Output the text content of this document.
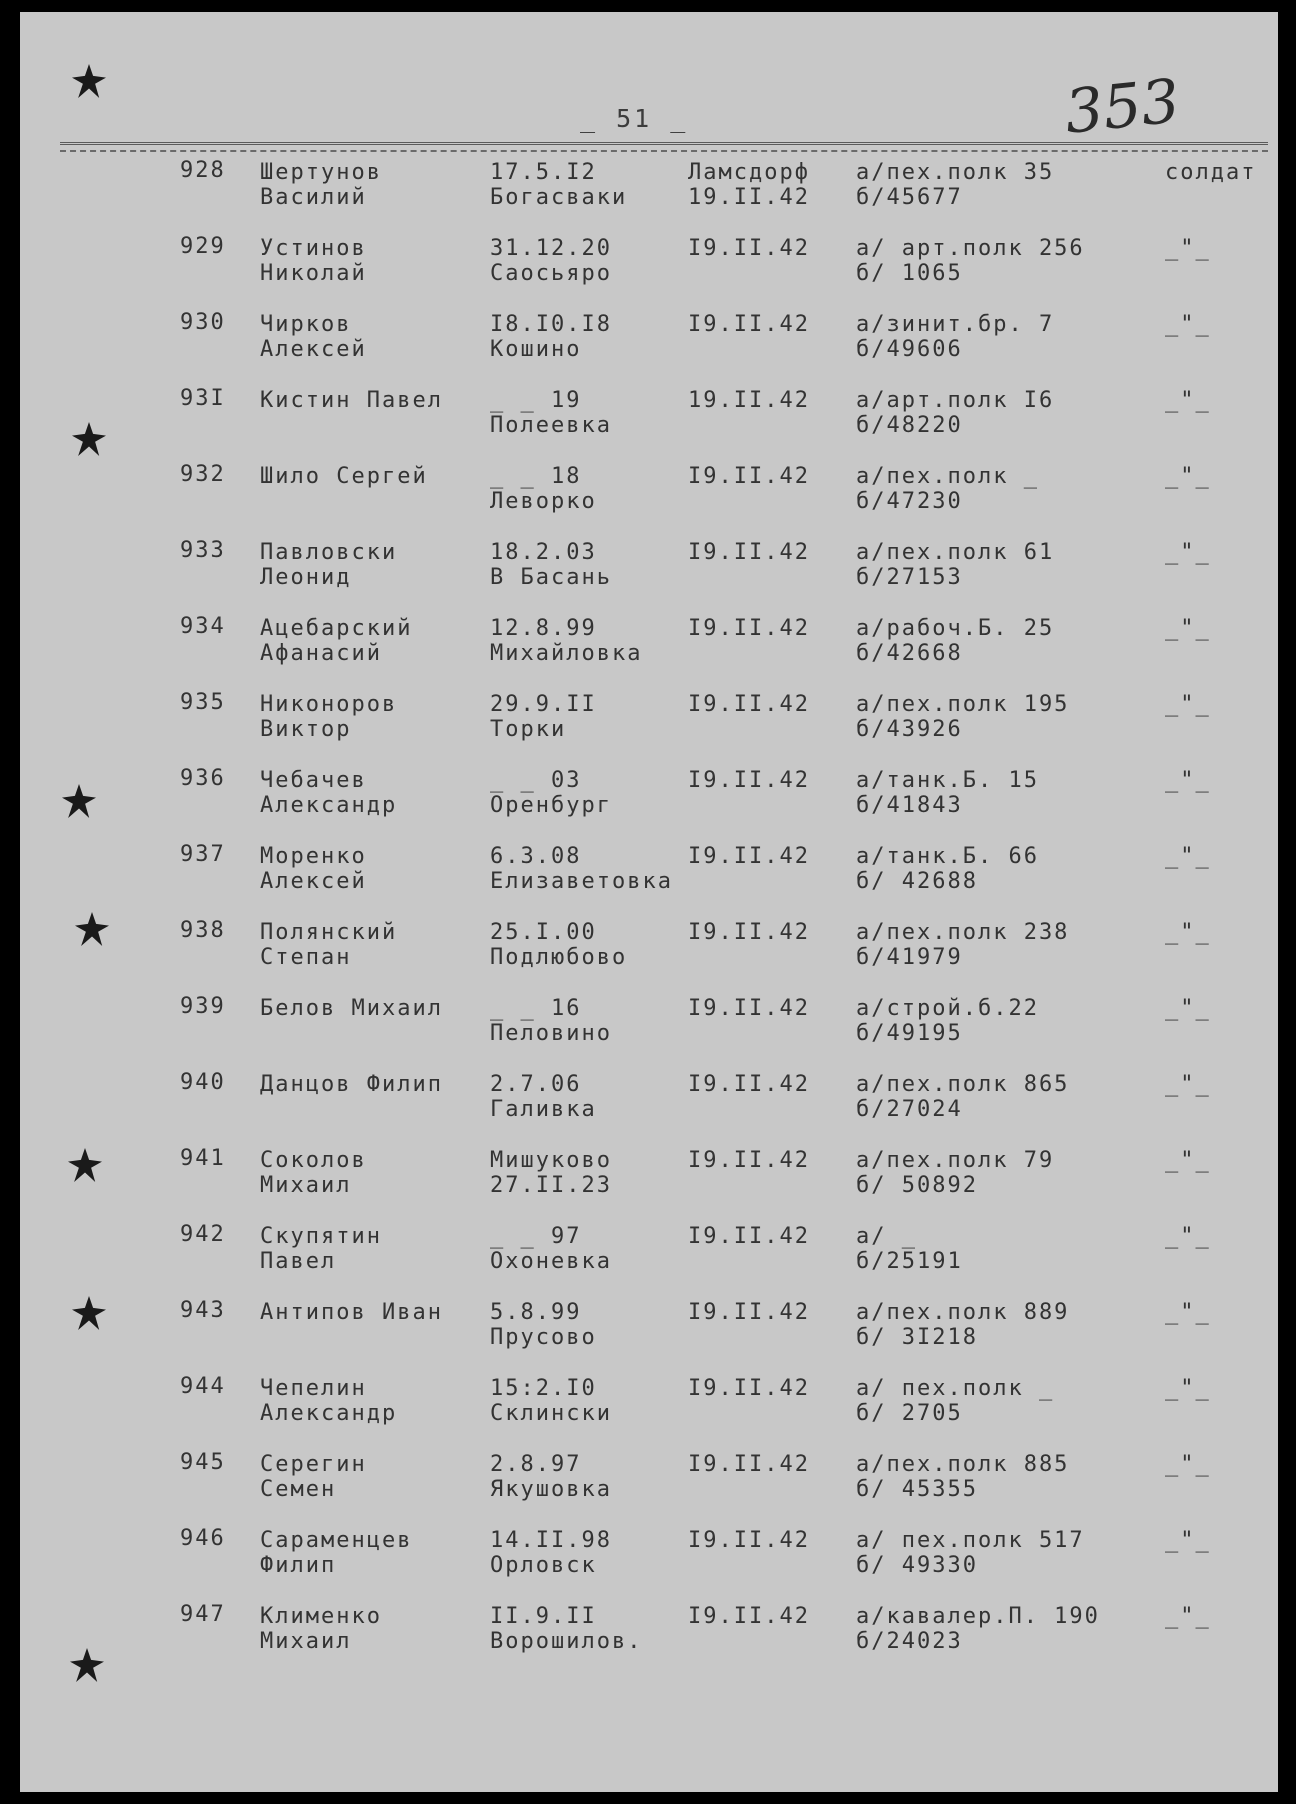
_ 51 _	353
928 Шертунов
Василий
17.5.I2
Богасваки
Ламсдорф
19.II.42
а/пех.полк 35
б/45677
солдат
929 Устинов
Николай
31.12.20
Саосьяро
I9.II.42 а/ арт.полк 256
б/ 1065
_"_
930 Чирков
Алексей
I8.I0.I8
Кошино
I9.II.42 а/зинит.бр. 7
б/49606
_"_
93I Кистин Павел _ _ 19
Полеевка
19.II.42 а/арт.полк I6
б/48220
_"_
932 Шило Сергей	_ _ 18
Леворко
I9.II.42 а/пех.полк _
б/47230
_"_
933 Павловски
Леонид
18.2.03
В Басань
I9.II.42 а/пех.полк 61
б/27153
_"_
934 Ацебарский
Афанасий
12.8.99
Михайловка
I9.II.42 а/рабоч.Б. 25
б/42668
_"_
935 Никоноров
Виктор
29.9.II
Торки
I9.II.42 а/пех.полк 195
б/43926
_"_
936 Чебачев
Александр
_ _ 03
Оренбург
I9.II.42 а/танк.Б. 15
б/41843
_"_
937 Моренко
Алексей
6.3.08
Елизаветовка
I9.II.42 а/танк.Б. 66
б/ 42688
_"_
938 Полянский
Степан
25.I.00
Подлюбово
I9.II.42 а/пех.полк 238
б/41979
_"_
939 Белов Михаил _ _ 16
Пеловино
I9.II.42 а/строй.б.22
б/49195
_"_
940 Данцов Филип 2.7.06
Галивка
I9.II.42 а/пех.полк 865
б/27024
_"_
941 Соколов
Михаил
Мишуково
27.II.23
I9.II.42 а/пех.полк 79
б/ 50892
_"_
942 Скупятин
Павел
_ _ 97
Охоневка
I9.II.42 а/ _
б/25191
_"_
943 Антипов Иван 5.8.99
Прусово
I9.II.42 а/пех.полк 889
б/ 3I218
_"_
944 Чепелин
Александр
15:2.I0
Склински
I9.II.42 а/ пех.полк _
б/ 2705
_"_
945 Серегин
Семен
2.8.97
Якушовка
I9.II.42 а/пех.полк 885
б/ 45355
_"_
946 Сараменцев
Филип
14.II.98
Орловск
I9.II.42 а/ пех.полк 517
б/ 49330
_"_
947 Клименко
Михаил
II.9.II
Ворошилов.
I9.II.42 а/кавалер.П. 190
б/24023
_"_
